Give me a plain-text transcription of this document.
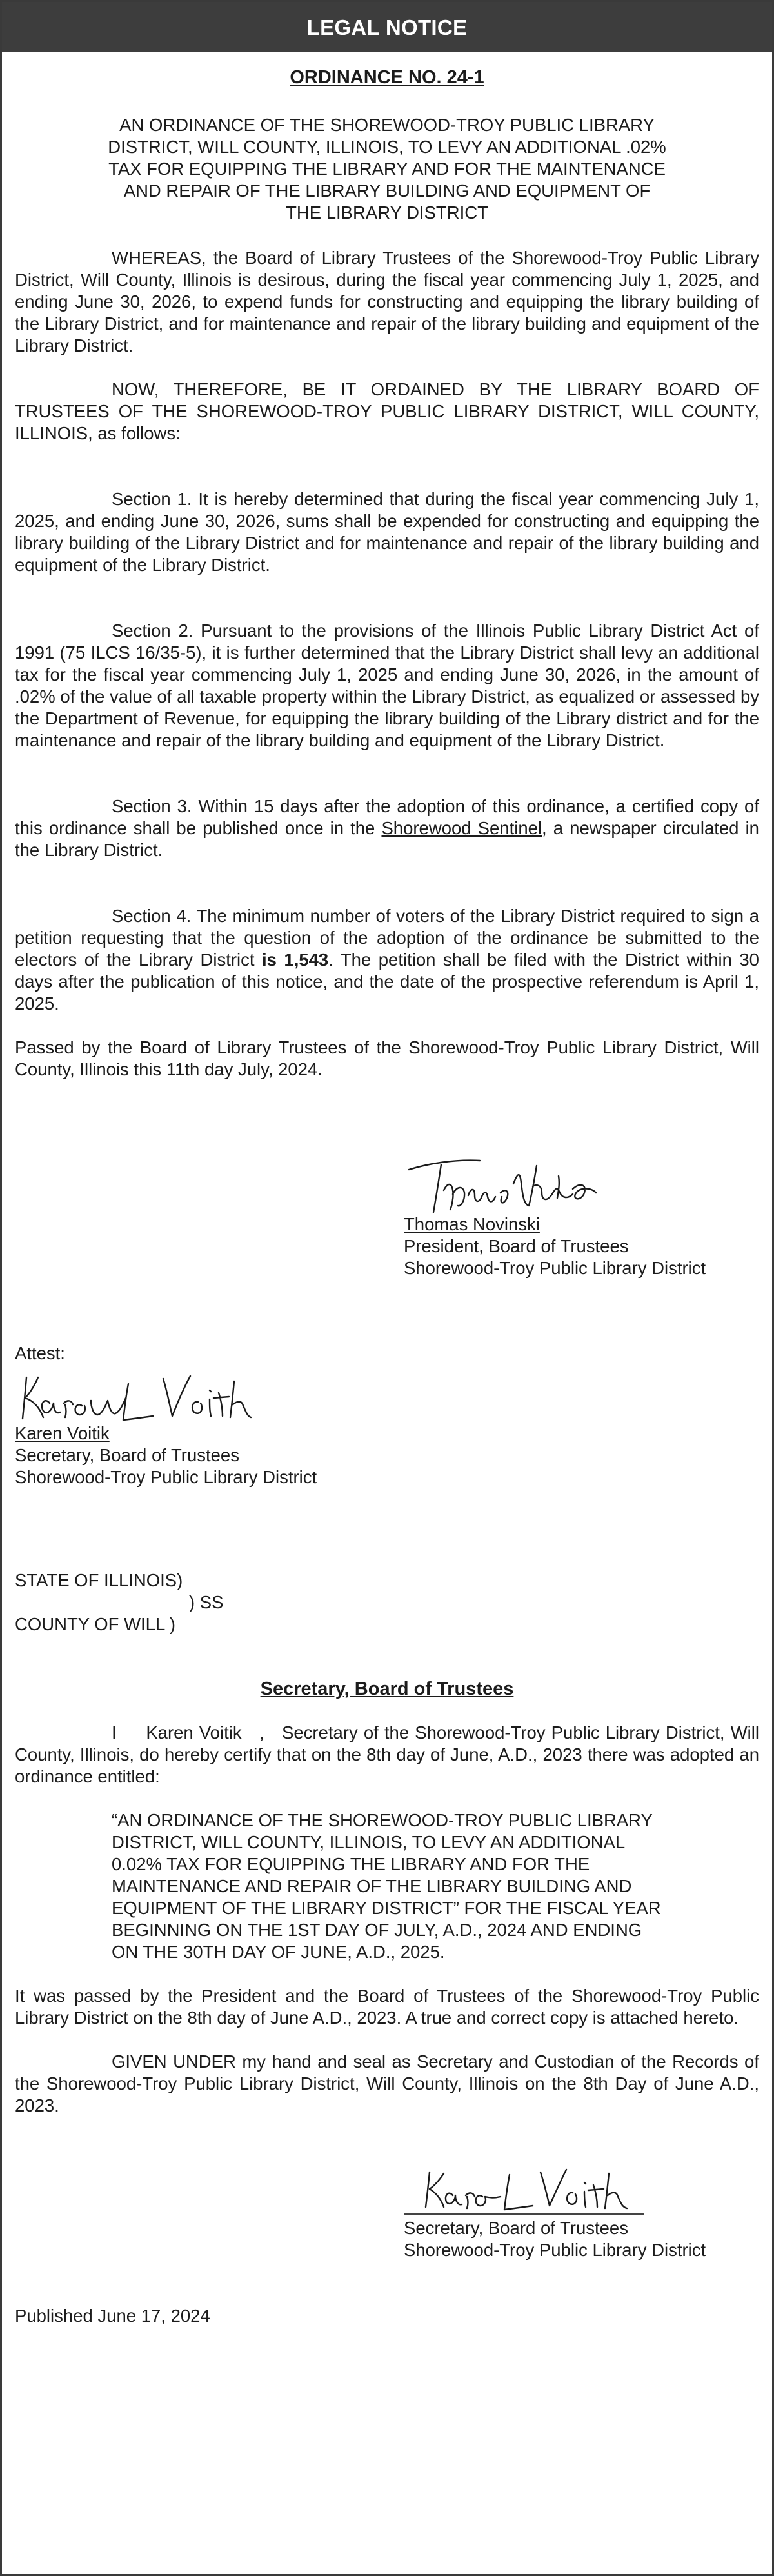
LEGAL NOTICE
ORDINANCE NO. 24-1
AN ORDINANCE OF THE SHOREWOOD-TROY PUBLIC LIBRARY DISTRICT, WILL COUNTY, ILLINOIS, TO LEVY AN ADDITIONAL .02% TAX FOR EQUIPPING THE LIBRARY AND FOR THE MAINTENANCE AND REPAIR OF THE LIBRARY BUILDING AND EQUIPMENT OF THE LIBRARY DISTRICT
WHEREAS, the Board of Library Trustees of the Shorewood-Troy Public Library District, Will County, Illinois is desirous, during the fiscal year commencing July 1, 2025, and ending June 30, 2026, to expend funds for constructing and equipping the library building of the Library District, and for maintenance and repair of the library building and equipment of the Library District.
NOW, THEREFORE, BE IT ORDAINED BY THE LIBRARY BOARD OF TRUSTEES OF THE SHOREWOOD-TROY PUBLIC LIBRARY DISTRICT, WILL COUNTY, ILLINOIS, as follows:
Section 1. It is hereby determined that during the fiscal year commencing July 1, 2025, and ending June 30, 2026, sums shall be expended for constructing and equipping the library building of the Library District and for maintenance and repair of the library building and equipment of the Library District.
Section 2. Pursuant to the provisions of the Illinois Public Library District Act of 1991 (75 ILCS 16/35-5), it is further determined that the Library District shall levy an additional tax for the fiscal year commencing July 1, 2025 and ending June 30, 2026, in the amount of .02% of the value of all taxable property within the Library District, as equalized or assessed by the Department of Revenue, for equipping the library building of the Library district and for the maintenance and repair of the library building and equipment of the Library District.
Section 3. Within 15 days after the adoption of this ordinance, a certified copy of this ordinance shall be published once in the Shorewood Sentinel, a newspaper circulated in the Library District.
Section 4. The minimum number of voters of the Library District required to sign a petition requesting that the question of the adoption of the ordinance be submitted to the electors of the Library District is 1,543. The petition shall be filed with the District within 30 days after the publication of this notice, and the date of the prospective referendum is April 1, 2025.
Passed by the Board of Library Trustees of the Shorewood-Troy Public Library District, Will County, Illinois this 11th day July, 2024.
Thomas Novinski
President, Board of Trustees
Shorewood-Troy Public Library District
Attest:
Karen Voitik
Secretary, Board of Trustees
Shorewood-Troy Public Library District
STATE OF ILLINOIS)
) SS
COUNTY OF WILL )
Secretary, Board of Trustees
I     Karen Voitik   ,   Secretary of the Shorewood-Troy Public Library District, Will County, Illinois, do hereby certify that on the 8th day of June, A.D., 2023 there was adopted an ordinance entitled:
“AN ORDINANCE OF THE SHOREWOOD-TROY PUBLIC LIBRARY DISTRICT, WILL COUNTY, ILLINOIS, TO LEVY AN ADDITIONAL 0.02% TAX FOR EQUIPPING THE LIBRARY AND FOR THE MAINTENANCE AND REPAIR OF THE LIBRARY BUILDING AND EQUIPMENT OF THE LIBRARY DISTRICT” FOR THE FISCAL YEAR BEGINNING ON THE 1ST DAY OF JULY, A.D., 2024 AND ENDING ON THE 30TH DAY OF JUNE, A.D., 2025.
It was passed by the President and the Board of Trustees of the Shorewood-Troy Public Library District on the 8th day of June A.D., 2023. A true and correct copy is attached hereto.
GIVEN UNDER my hand and seal as Secretary and Custodian of the Records of the Shorewood-Troy Public Library District, Will County, Illinois on the 8th Day of June A.D., 2023.
Secretary, Board of Trustees
Shorewood-Troy Public Library District
Published June 17, 2024
